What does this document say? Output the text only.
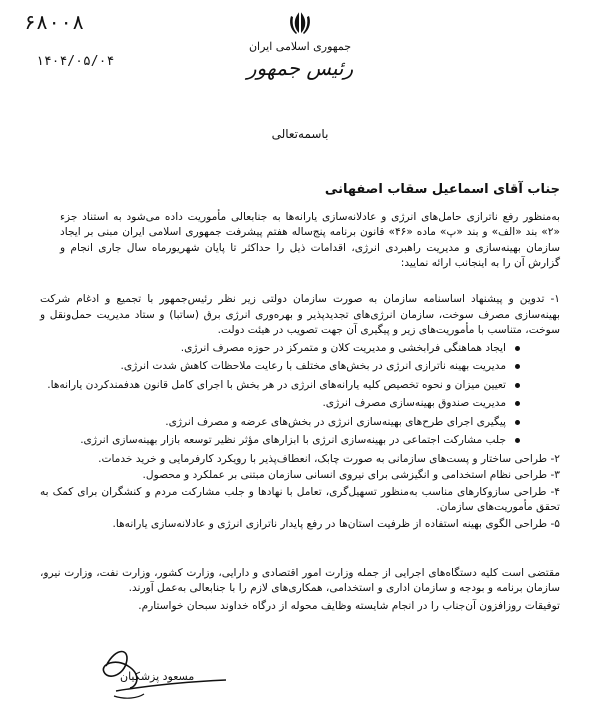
۶۸۰۰۸
۱۴۰۴/۰۵/۰۴
جمهوری اسلامی ایران
رئیس جمهور
باسمه‌تعالی
جناب آقای اسماعیل سقاب اصفهانی

به‌منظور رفع ناترازی حامل‌های انرژی و عادلانه‌سازی یارانه‌ها به جنابعالی مأموریت داده می‌شود به استناد جزء «۲» بند «الف» و بند «پ» ماده «۴۶» قانون برنامه پنج‌ساله هفتم پیشرفت جمهوری اسلامی ایران مبنی بر ایجاد سازمان بهینه‌سازی و مدیریت راهبردی انرژی، اقدامات ذیل را حداکثر تا پایان شهریورماه سال جاری انجام و گزارش آن را به اینجانب ارائه نمایید:

۱- تدوین و پیشنهاد اساسنامه سازمان به صورت سازمان دولتی زیر نظر رئیس‌جمهور با تجمیع و ادغام شرکت بهینه‌سازی مصرف سوخت، سازمان انرژی‌های تجدیدپذیر و بهره‌وری انرژی برق (ساتبا) و ستاد مدیریت حمل‌ونقل و سوخت، متناسب با مأموریت‌های زیر و پیگیری آن جهت تصویب در هیئت دولت.

ایجاد هماهنگی فرابخشی و مدیریت کلان و متمرکز در حوزه مصرف انرژی.
مدیریت بهینه ناترازی انرژی در بخش‌های مختلف با رعایت ملاحظات کاهش شدت انرژی.
تعیین میزان و نحوه تخصیص کلیه یارانه‌های انرژی در هر بخش با اجرای کامل قانون هدفمندکردن یارانه‌ها.
مدیریت صندوق بهینه‌سازی مصرف انرژی.
پیگیری اجرای طرح‌های بهینه‌سازی انرژی در بخش‌های عرضه و مصرف انرژی.
جلب مشارکت اجتماعی در بهینه‌سازی انرژی با ابزارهای مؤثر نظیر توسعه بازار بهینه‌سازی انرژی.

۲- طراحی ساختار و پست‌های سازمانی به صورت چابک، انعطاف‌پذیر با رویکرد کارفرمایی و خرید خدمات.

۳- طراحی نظام استخدامی و انگیزشی برای نیروی انسانی سازمان مبتنی بر عملکرد و محصول.

۴- طراحی سازوکارهای مناسب به‌منظور تسهیل‌گری، تعامل با نهادها و جلب مشارکت مردم و کنشگران برای کمک به تحقق مأموریت‌های سازمان.

۵- طراحی الگوی بهینه استفاده از ظرفیت استان‌ها در رفع پایدار ناترازی انرژی و عادلانه‌سازی یارانه‌ها.

مقتضی است کلیه دستگاه‌های اجرایی از جمله وزارت امور اقتصادی و دارایی، وزارت کشور، وزارت نفت، وزارت نیرو، سازمان برنامه و بودجه و سازمان اداری و استخدامی، همکاری‌های لازم را با جنابعالی به‌عمل آورند.

توفیقات روزافزون آن‌جناب را در انجام شایسته وظایف محوله از درگاه خداوند سبحان خواستارم.

مسعود پزشکیان
